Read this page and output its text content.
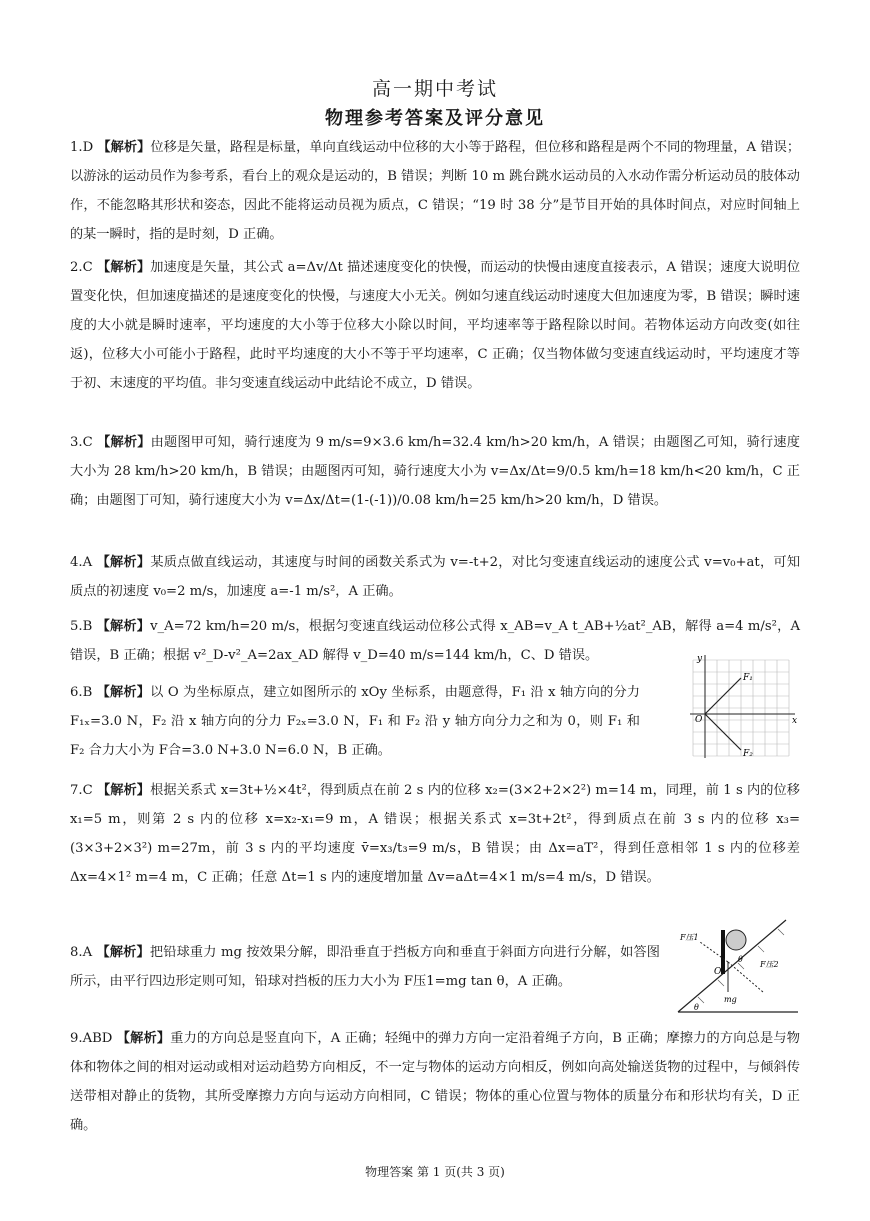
高一期中考试
物理参考答案及评分意见
1.D 【解析】位移是矢量，路程是标量，单向直线运动中位移的大小等于路程，但位移和路程是两个不同的物理量，A 错误；以游泳的运动员作为参考系，看台上的观众是运动的，B 错误；判断 10 m 跳台跳水运动员的入水动作需分析运动员的肢体动作，不能忽略其形状和姿态，因此不能将运动员视为质点，C 错误；“19 时 38 分”是节目开始的具体时间点，对应时间轴上的某一瞬时，指的是时刻，D 正确。
2.C 【解析】加速度是矢量，其公式 a=Δv/Δt 描述速度变化的快慢，而运动的快慢由速度直接表示，A 错误；速度大说明位置变化快，但加速度描述的是速度变化的快慢，与速度大小无关。例如匀速直线运动时速度大但加速度为零，B 错误；瞬时速度的大小就是瞬时速率，平均速度的大小等于位移大小除以时间，平均速率等于路程除以时间。若物体运动方向改变(如往返)，位移大小可能小于路程，此时平均速度的大小不等于平均速率，C 正确；仅当物体做匀变速直线运动时，平均速度才等于初、末速度的平均值。非匀变速直线运动中此结论不成立，D 错误。
3.C 【解析】由题图甲可知，骑行速度为 9 m/s=9×3.6 km/h=32.4 km/h>20 km/h，A 错误；由题图乙可知，骑行速度大小为 28 km/h>20 km/h，B 错误；由题图丙可知，骑行速度大小为 v=Δx/Δt=9/0.5 km/h=18 km/h<20 km/h，C 正确；由题图丁可知，骑行速度大小为 v=Δx/Δt=(1-(-1))/0.08 km/h=25 km/h>20 km/h，D 错误。
4.A 【解析】某质点做直线运动，其速度与时间的函数关系式为 v=-t+2，对比匀变速直线运动的速度公式 v=v₀+at，可知质点的初速度 v₀=2 m/s，加速度 a=-1 m/s²，A 正确。
5.B 【解析】v_A=72 km/h=20 m/s，根据匀变速直线运动位移公式得 x_AB=v_A t_AB+½at²_AB，解得 a=4 m/s²，A 错误，B 正确；根据 v²_D-v²_A=2ax_AD 解得 v_D=40 m/s=144 km/h，C、D 错误。
6.B 【解析】以 O 为坐标原点，建立如图所示的 xOy 坐标系，由题意得，F₁ 沿 x 轴方向的分力 F₁ₓ=3.0 N，F₂ 沿 x 轴方向的分力 F₂ₓ=3.0 N，F₁ 和 F₂ 沿 y 轴方向分力之和为 0，则 F₁ 和 F₂ 合力大小为 F合=3.0 N+3.0 N=6.0 N，B 正确。
y
x
O
F₁
F₂
7.C 【解析】根据关系式 x=3t+½×4t²，得到质点在前 2 s 内的位移 x₂=(3×2+2×2²) m=14 m，同理，前 1 s 内的位移 x₁=5 m，则第 2 s 内的位移 x=x₂-x₁=9 m，A 错误；根据关系式 x=3t+2t²，得到质点在前 3 s 内的位移 x₃=(3×3+2×3²) m=27m，前 3 s 内的平均速度 v̄=x₃/t₃=9 m/s，B 错误；由 Δx=aT²，得到任意相邻 1 s 内的位移差 Δx=4×1² m=4 m，C 正确；任意 Δt=1 s 内的速度增加量 Δv=aΔt=4×1 m/s=4 m/s，D 错误。
8.A 【解析】把铅球重力 mg 按效果分解，即沿垂直于挡板方向和垂直于斜面方向进行分解，如答图所示，由平行四边形定则可知，铅球对挡板的压力大小为 F压1=mg tan θ，A 正确。
F压1
F压2
θ
O
mg
θ
9.ABD 【解析】重力的方向总是竖直向下，A 正确；轻绳中的弹力方向一定沿着绳子方向，B 正确；摩擦力的方向总是与物体和物体之间的相对运动或相对运动趋势方向相反，不一定与物体的运动方向相反，例如向高处输送货物的过程中，与倾斜传送带相对静止的货物，其所受摩擦力方向与运动方向相同，C 错误；物体的重心位置与物体的质量分布和形状均有关，D 正确。
物理答案 第 1 页(共 3 页)
